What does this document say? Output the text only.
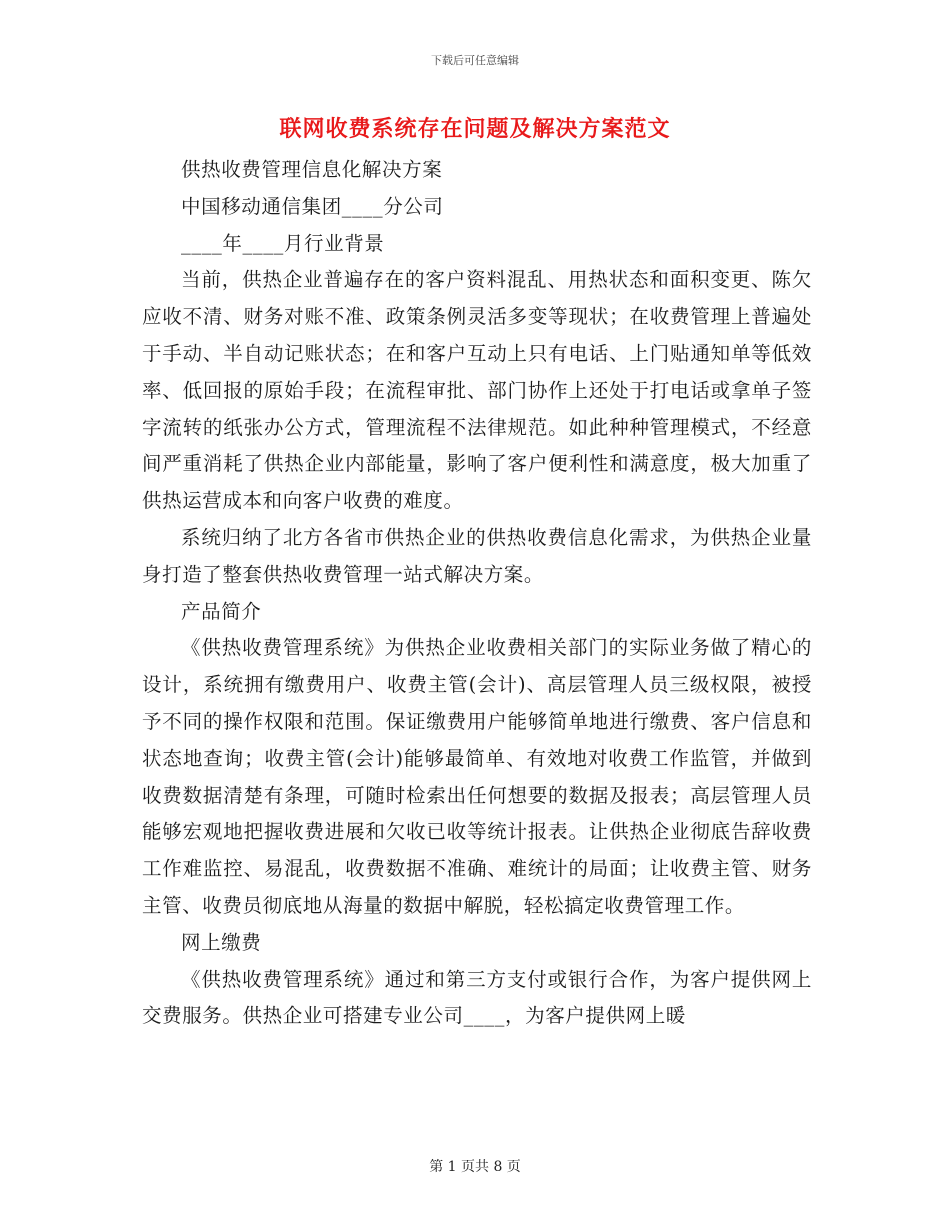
下载后可任意编辑
联网收费系统存在问题及解决方案范文

供热收费管理信息化解决方案

中国移动通信集团____分公司

____年____月行业背景

当前，供热企业普遍存在的客户资料混乱、用热状态和面积变更、陈欠应收不清、财务对账不准、政策条例灵活多变等现状；在收费管理上普遍处于手动、半自动记账状态；在和客户互动上只有电话、上门贴通知单等低效率、低回报的原始手段；在流程审批、部门协作上还处于打电话或拿单子签字流转的纸张办公方式，管理流程不法律规范。如此种种管理模式，不经意间严重消耗了供热企业内部能量，影响了客户便利性和满意度，极大加重了供热运营成本和向客户收费的难度。

系统归纳了北方各省市供热企业的供热收费信息化需求，为供热企业量身打造了整套供热收费管理一站式解决方案。

产品简介

《供热收费管理系统》为供热企业收费相关部门的实际业务做了精心的设计，系统拥有缴费用户、收费主管(会计)、高层管理人员三级权限，被授予不同的操作权限和范围。保证缴费用户能够简单地进行缴费、客户信息和状态地查询；收费主管(会计)能够最简单、有效地对收费工作监管，并做到收费数据清楚有条理，可随时检索出任何想要的数据及报表；高层管理人员能够宏观地把握收费进展和欠收已收等统计报表。让供热企业彻底告辞收费工作难监控、易混乱，收费数据不准确、难统计的局面；让收费主管、财务主管、收费员彻底地从海量的数据中解脱，轻松搞定收费管理工作。

网上缴费

《供热收费管理系统》通过和第三方支付或银行合作，为客户提供网上交费服务。供热企业可搭建专业公司____，为客户提供网上暖

第 1 页共 8 页
